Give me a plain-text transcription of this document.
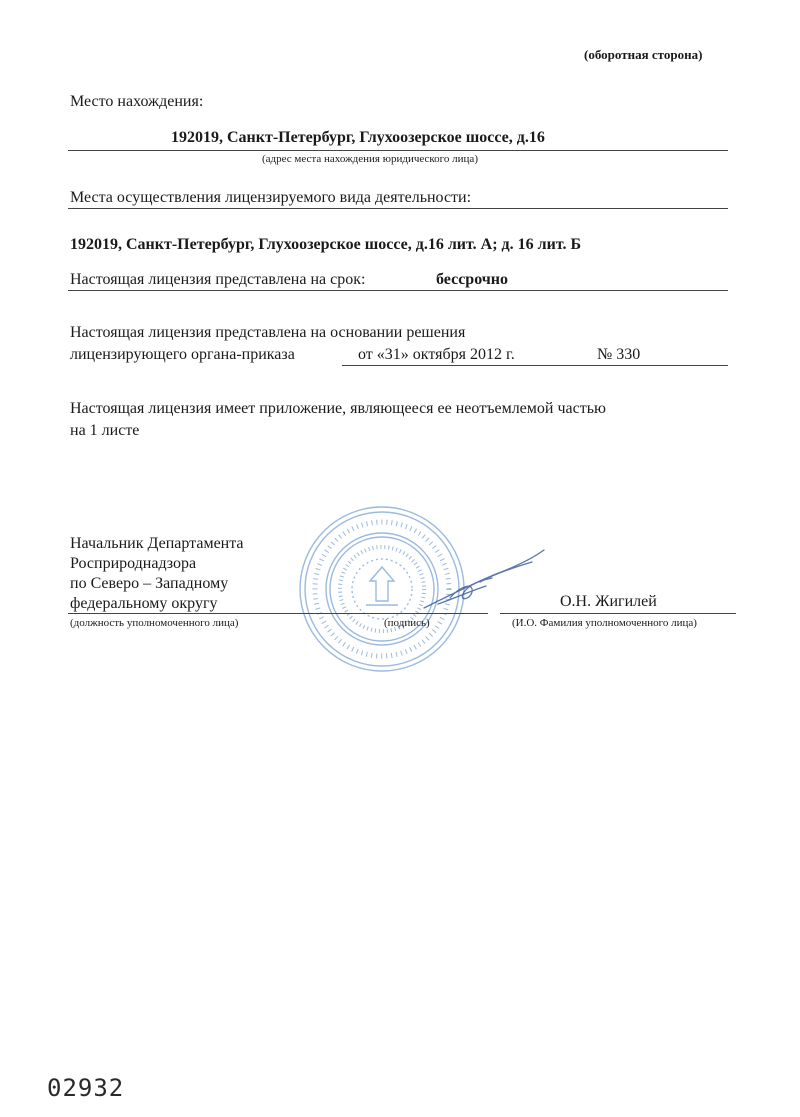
(оборотная сторона)
Место нахождения:
192019, Санкт-Петербург, Глухоозерское шоссе, д.16
(адрес места нахождения юридического лица)
Места осуществления лицензируемого вида деятельности:
192019, Санкт-Петербург, Глухоозерское шоссе, д.16 лит. А; д. 16 лит. Б
Настоящая лицензия представлена на срок:	бессрочно
Настоящая лицензия представлена на основании решения
лицензирующего органа-приказа	от «31» октября 2012 г.	№ 330
Настоящая лицензия имеет приложение, являющееся ее неотъемлемой частью
на 1 листе
Начальник Департамента
Росприроднадзора
по Северо – Западному
федеральному округу	О.Н. Жигилей
(должность уполномоченного лица)	(подпись)	(И.О. Фамилия уполномоченного лица)
02932
